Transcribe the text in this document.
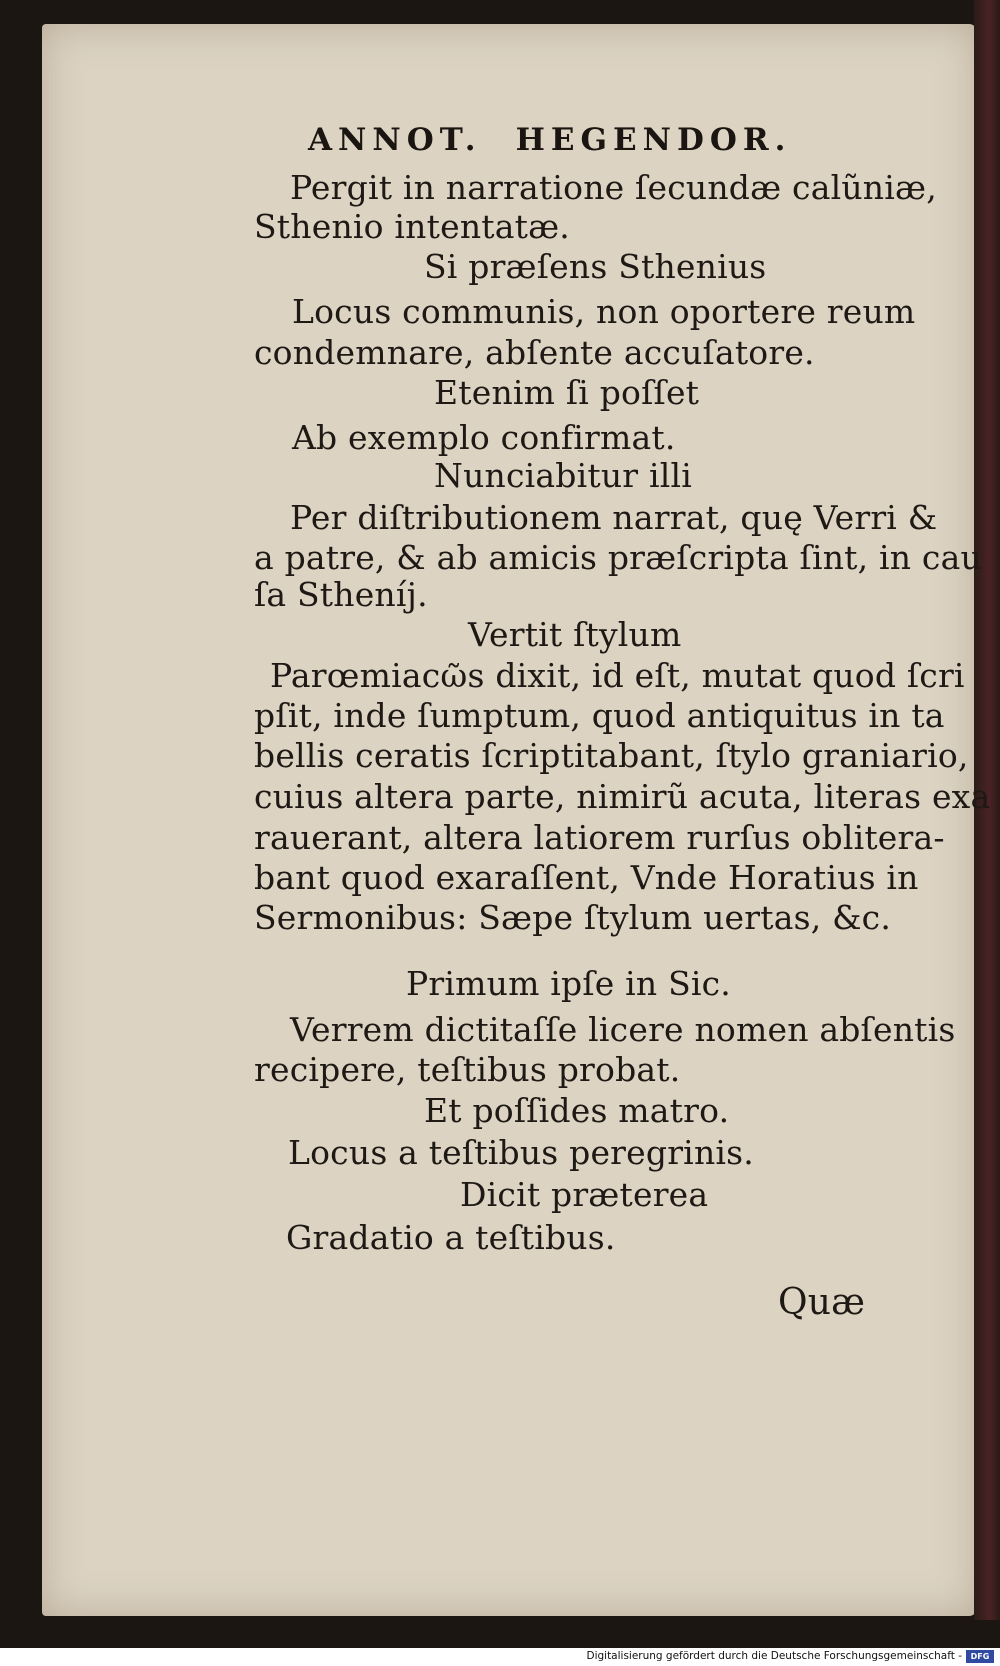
ANNOT. HEGENDOR.
Pergit in narratione ſecundæ calũniæ,
Sthenio intentatæ.
Si præſens Sthenius
Locus communis, non oportere reum
condemnare, abſente accuſatore.
Etenim ſi poſſet
Ab exemplo confirmat.
Nunciabitur illi
Per diſtributionem narrat, quę Verri &
a patre, & ab amicis præſcripta ſint, in cau
ſa Stheníj.
Vertit ſtylum
Parœmiacῶs dixit, id eſt, mutat quod ſcri
pſit, inde ſumptum, quod antiquitus in ta
bellis ceratis ſcriptitabant, ſtylo graniario,
cuius altera parte, nimirũ acuta, literas exa
rauerant, altera latiorem rurſus oblitera-
bant quod exaraſſent, Vnde Horatius in
Sermonibus: Sæpe ſtylum uertas, &c.
Primum ipſe in Sic.
Verrem dictitaſſe licere nomen abſentis
recipere, teſtibus probat.
Et poſſides matro.
Locus a teſtibus peregrinis.
Dicit præterea
Gradatio a teſtibus.
Quæ
Digitalisierung gefördert durch die Deutsche Forschungsgemeinschaft -	DFG
